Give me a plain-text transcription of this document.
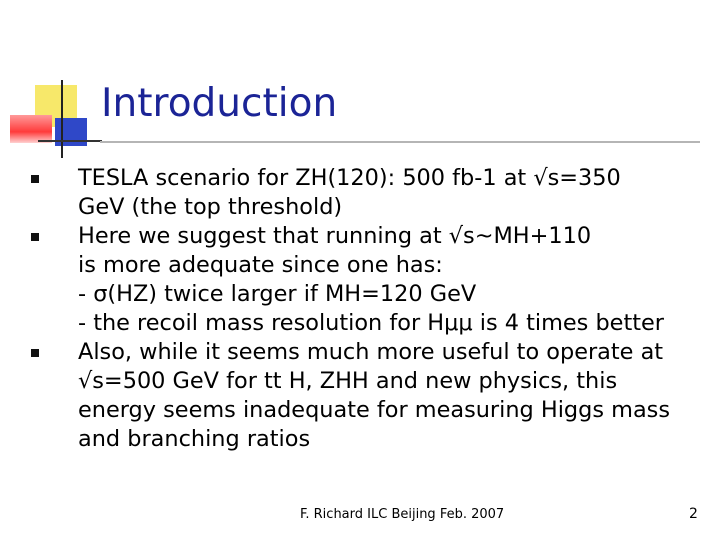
Introduction
TESLA scenario for ZH(120): 500 fb-1 at √s=350
GeV (the top threshold)
Here we suggest that running at √s~MH+110
is more adequate since one has:
- σ(HZ) twice larger if MH=120 GeV
- the recoil mass resolution for Hμμ is 4 times better
Also, while it seems much more useful to operate at
√s=500 GeV for tt H, ZHH and new physics, this
energy seems inadequate for measuring Higgs mass
and branching ratios
F. Richard ILC Beijing Feb. 2007	2
